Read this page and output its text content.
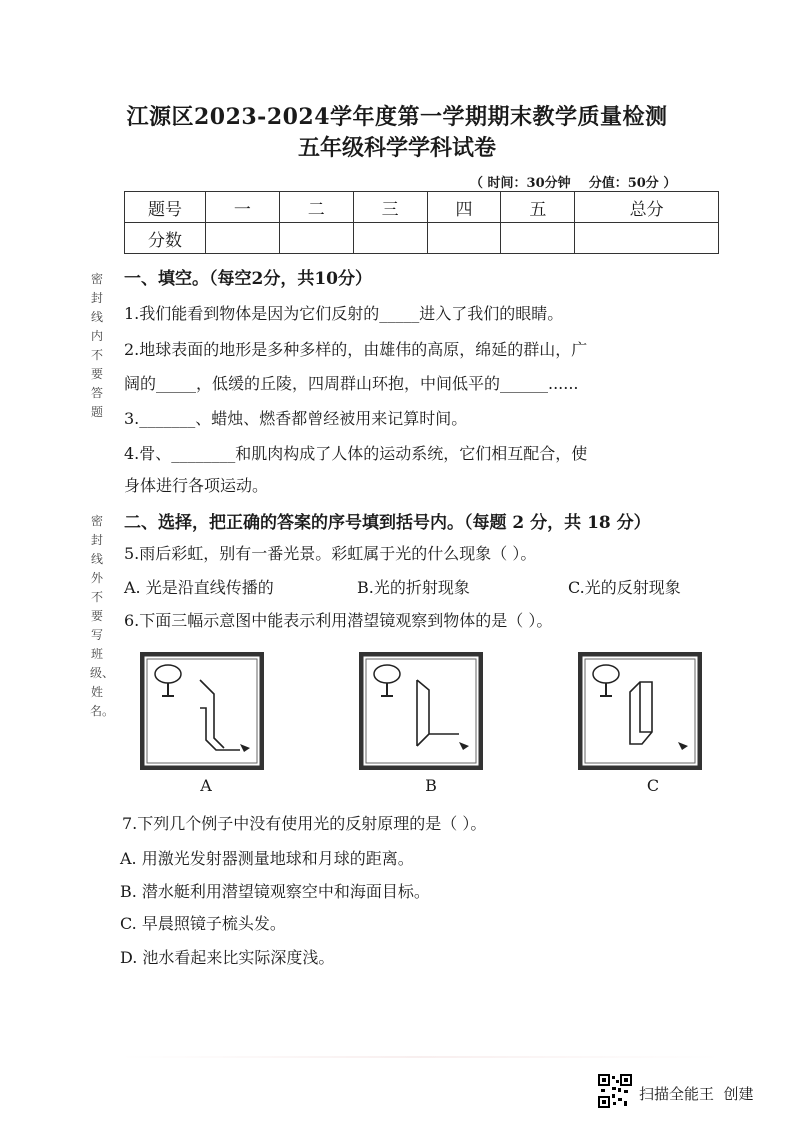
江源区2023-2024学年度第一学期期末教学质量检测
五年级科学学科试卷
（ 时间：30分钟    分值：50分 ）
题号	一	二	三	四	五	总分
分数						
密封线内不要答题
密封线外不要写班级、姓名。
一、填空。（每空2分，共10分）
1.我们能看到物体是因为它们反射的_____进入了我们的眼睛。
2.地球表面的地形是多种多样的，由雄伟的高原，绵延的群山，广
阔的_____，低缓的丘陵，四周群山环抱，中间低平的______......
3._______、蜡烛、燃香都曾经被用来记算时间。
4.骨、________和肌肉构成了人体的运动系统，它们相互配合，使
身体进行各项运动。
二、选择，把正确的答案的序号填到括号内。（每题 2 分，共 18 分）
5.雨后彩虹，别有一番光景。彩虹属于光的什么现象（ ）。
A. 光是沿直线传播的	B.光的折射现象	C.光的反射现象
6.下面三幅示意图中能表示利用潜望镜观察到物体的是（ ）。
A	B	C
7.下列几个例子中没有使用光的反射原理的是（ ）。
A. 用激光发射器测量地球和月球的距离。
B. 潜水艇利用潜望镜观察空中和海面目标。
C. 早晨照镜子梳头发。
D. 池水看起来比实际深度浅。
扫描全能王  创建
